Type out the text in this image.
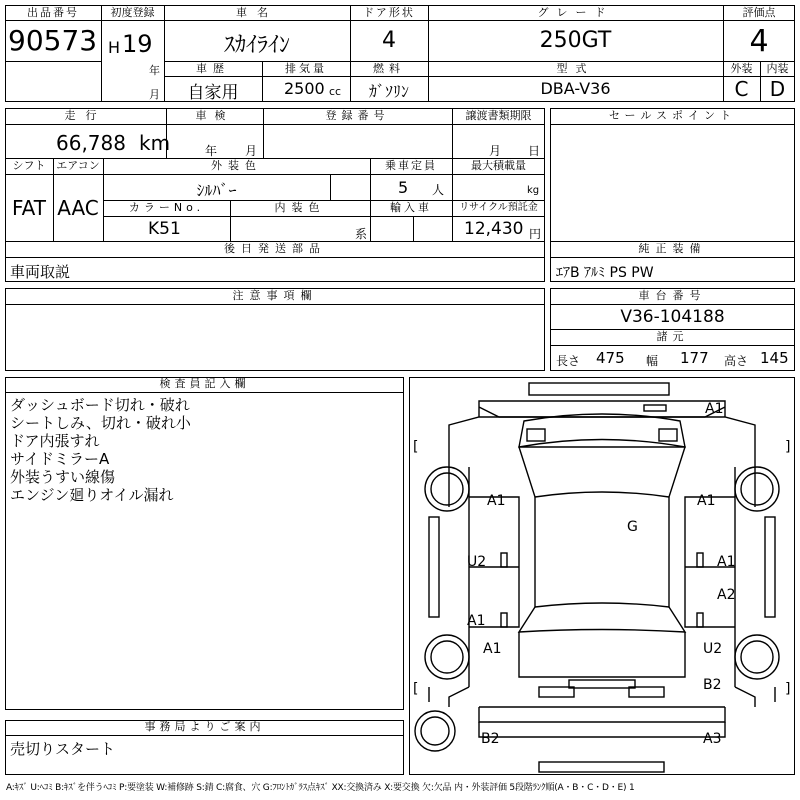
出品番号
90573
初度登録
H 19
年
月
車名
ｽｶｲﾗｲﾝ
ドア形状
4
グレード
250GT
評価点
4
外装	内装
C	D
車歴
自家用
排気量
2500 cc
燃料
ｶﾞｿﾘﾝ
型式
DBA-V36
走行
66,788 km
車検
年 月
登録番号	譲渡書類期限
月 日
シフト
FAT
エアコン
AAC
外装色
ｼﾙﾊﾞｰ
乗車定員
5 人
最大積載量
kg
カラーNo.
K51
内装色
系
輸入車	リサイクル預託金
12,430 円
後日発送部品
車両取説
セールスポイント
純正装備
ｴｱB ｱﾙﾐ PS PW
注意事項欄	車台番号
V36-104188
諸元
長さ 475 幅 177 高さ 145
検査員記入欄
ダッシュボード切れ・破れ
シートしみ、切れ・破れ小
ドア内張すれ
サイドミラーA
外装うすい線傷
エンジン廻りオイル漏れ
事務局よりご案内
売切りスタート
[	]
[	]
A1
A1	A1
G
U2	A1
A2
A1
A1	U2
B2
B2	A3
A:ｷｽﾞ U:ﾍｺﾐ B:ｷｽﾞを伴うﾍｺﾐ P:要塗装 W:補修跡 S:錆 C:腐食、穴 G:ﾌﾛﾝﾄｶﾞﾗｽ点ｷｽﾞ XX:交換済み X:要交換 欠:欠品 内・外装評価 5段階ﾗﾝｸ順(A・B・C・D・E) 1
